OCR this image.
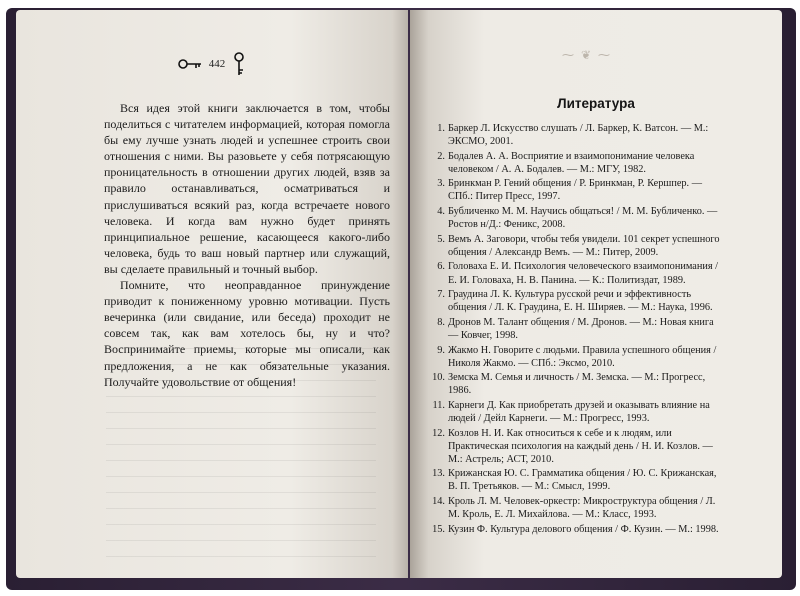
442

Вся идея этой книги заключается в том, чтобы поделиться с читателем информацией, которая помогла бы ему лучше узнать людей и успешнее строить свои отношения с ними. Вы разовьете у себя потрясающую проницательность в отношении других людей, взяв за правило останавливаться, осматриваться и прислушиваться всякий раз, когда встречаете нового человека. И когда вам нужно будет принять принципиальное решение, касающееся какого-либо человека, будь то ваш новый партнер или служащий, вы сделаете правильный и точный выбор.

Помните, что неоправданное принуждение приводит к пониженному уровню мотивации. Пусть вечеринка (или свидание, или беседа) проходит не совсем так, как вам хотелось бы, ну и что? Воспринимайте приемы, которые мы описали, как предложения, а не как обязательные указания. Получайте удовольствие от общения!

⁓ ❦ ⁓
Литература
1. Баркер Л. Искусство слушать / Л. Баркер, К. Ватсон. — М.: ЭКСМО, 2001.
2. Бодалев А. А. Восприятие и взаимопонимание человека человеком / А. А. Бодалев. — М.: МГУ, 1982.
3. Бринкман Р. Гений общения / Р. Бринкман, Р. Кершпер. — СПб.: Питер Пресс, 1997.
4. Бубличенко М. М. Научись общаться! / М. М. Бубличенко. — Ростов н/Д.: Феникс, 2008.
5. Вемъ А. Заговори, чтобы тебя увидели. 101 секрет успешного общения / Александр Вемъ. — М.: Питер, 2009.
6. Головаха Е. И. Психология человеческого взаимопонимания / Е. И. Головаха, Н. В. Панина. — К.: Политиздат, 1989.
7. Граудина Л. К. Культура русской речи и эффективность общения / Л. К. Граудина, Е. Н. Ширяев. — М.: Наука, 1996.
8. Дронов М. Талант общения / М. Дронов. — М.: Новая книга — Ковчег, 1998.
9. Жакмо Н. Говорите с людьми. Правила успешного общения / Николя Жакмо. — СПб.: Эксмо, 2010.
10. Земска М. Семья и личность / М. Земска. — М.: Прогресс, 1986.
11. Карнеги Д. Как приобретать друзей и оказывать влияние на людей / Дейл Карнеги. — М.: Прогресс, 1993.
12. Козлов Н. И. Как относиться к себе и к людям, или Практическая психология на каждый день / Н. И. Козлов. — М.: Астрель; АСТ, 2010.
13. Крижанская Ю. С. Грамматика общения / Ю. С. Крижанская, В. П. Третьяков. — М.: Смысл, 1999.
14. Кроль Л. М. Человек-оркестр: Микроструктура общения / Л. М. Кроль, Е. Л. Михайлова. — М.: Класс, 1993.
15. Кузин Ф. Культура делового общения / Ф. Кузин. — М.: 1998.
